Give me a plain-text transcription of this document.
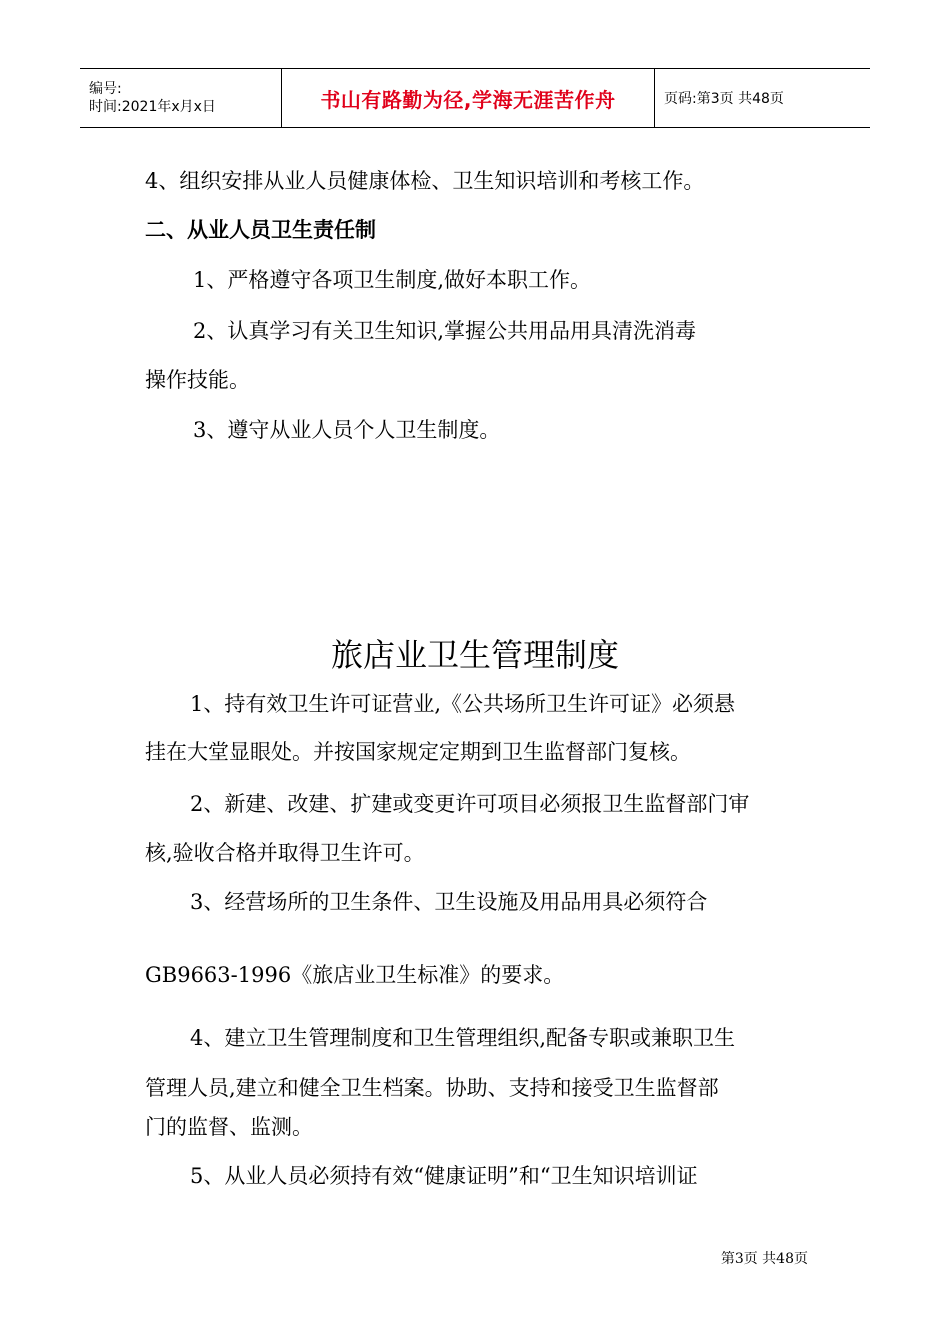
编号:
时间:2021年x月x日	书山有路勤为径,学海无涯苦作舟	页码:第3页 共48页
4、组织安排从业人员健康体检、卫生知识培训和考核工作。
二、从业人员卫生责任制
1、严格遵守各项卫生制度,做好本职工作。
2、认真学习有关卫生知识,掌握公共用品用具清洗消毒
操作技能。
3、遵守从业人员个人卫生制度。
旅店业卫生管理制度
1、持有效卫生许可证营业,《公共场所卫生许可证》必须悬
挂在大堂显眼处。并按国家规定定期到卫生监督部门复核。
2、新建、改建、扩建或变更许可项目必须报卫生监督部门审
核,验收合格并取得卫生许可。
3、经营场所的卫生条件、卫生设施及用品用具必须符合
GB9663-1996《旅店业卫生标准》的要求。
4、建立卫生管理制度和卫生管理组织,配备专职或兼职卫生
管理人员,建立和健全卫生档案。协助、支持和接受卫生监督部
门的监督、监测。
5、从业人员必须持有效“健康证明”和“卫生知识培训证
第3页 共48页
